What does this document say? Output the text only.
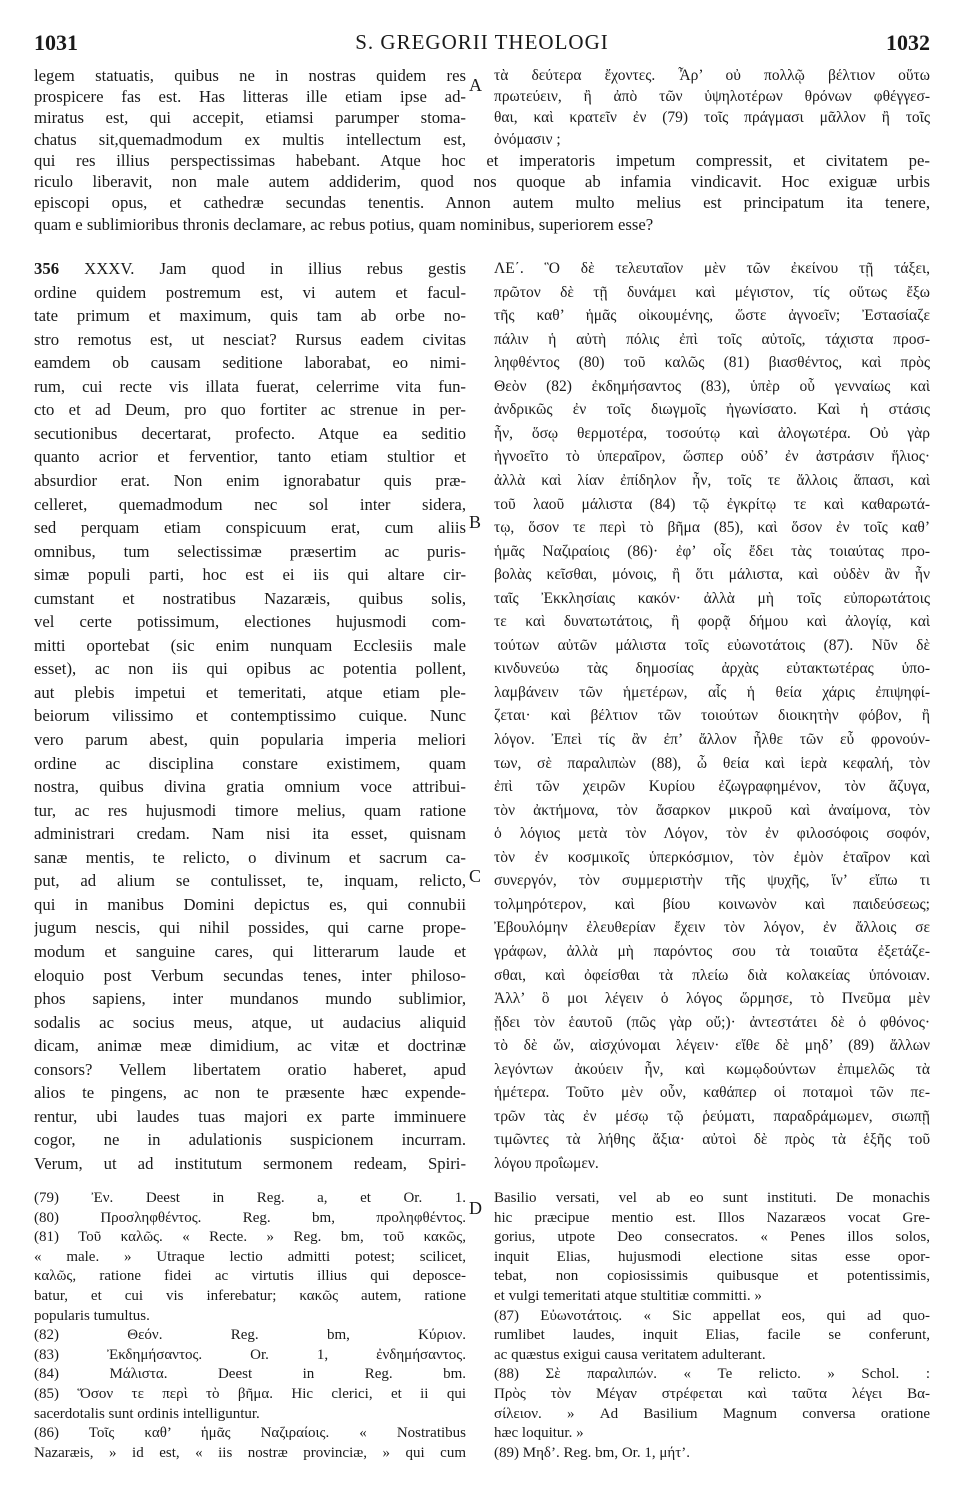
1031	S. GREGORII THEOLOGI	1032
legem statuatis, quibus ne in nostras quidem res
prospicere fas est. Has litteras ille etiam ipse ad-
miratus est, qui accepit, etiamsi parumper stoma-
chatus sit,quemadmodum ex multis intellectum est,
τὰ δεύτερα ἔχοντες. Ἆρ’ οὐ πολλῷ βέλτιον οὕτω
πρωτεύειν, ἢ ἀπὸ τῶν ὑψηλοτέρων θρόνων φθέγγεσ-
θαι, καὶ κρατεῖν ἐν (79) τοῖς πράγμασι μᾶλλον ἢ τοῖς
ὀνόμασιν ;
qui res illius perspectissimas habebant. Atque hoc et imperatoris impetum compressit, et civitatem pe-
riculo liberavit, non male autem addiderim, quod nos quoque ab infamia vindicavit. Hoc exiguæ urbis
episcopi opus, et cathedræ secundas tenentis. Annon autem multo melius est principatum ita tenere,
quam e sublimioribus thronis declamare, ac rebus potius, quam nominibus, superiorem esse?
356 XXXV. Jam quod in illius rebus gestis
ordine quidem postremum est, vi autem et facul-
tate primum et maximum, quis tam ab orbe no-
stro remotus est, ut nesciat? Rursus eadem civitas
eamdem ob causam seditione laborabat, eo nimi-
rum, cui recte vis illata fuerat, celerrime vita fun-
cto et ad Deum, pro quo fortiter ac strenue in per-
secutionibus decertarat, profecto. Atque ea seditio
quanto acrior et ferventior, tanto etiam stultior et
absurdior erat. Non enim ignorabatur quis præ-
celleret, quemadmodum nec sol inter sidera,
sed perquam etiam conspicuum erat, cum aliis
omnibus, tum selectissimæ præsertim ac puris-
simæ populi parti, hoc est ei iis qui altare cir-
cumstant et nostratibus Nazaræis, quibus solis,
vel certe potissimum, electiones hujusmodi com-
mitti oportebat (sic enim nunquam Ecclesiis male
esset), ac non iis qui opibus ac potentia pollent,
aut plebis impetui et temeritati, atque etiam ple-
beiorum vilissimo et contemptissimo cuique. Nunc
vero parum abest, quin popularia imperia meliori
ordine ac disciplina constare existimem, quam
nostra, quibus divina gratia omnium voce attribui-
tur, ac res hujusmodi timore melius, quam ratione
administrari credam. Nam nisi ita esset, quisnam
sanæ mentis, te relicto, o divinum et sacrum ca-
put, ad alium se contulisset, te, inquam, relicto,
qui in manibus Domini depictus es, qui connubii
jugum nescis, qui nihil possides, qui carne prope-
modum et sanguine cares, qui litterarum laude et
eloquio post Verbum secundas tenes, inter philoso-
phos sapiens, inter mundanos mundo sublimior,
sodalis ac socius meus, atque, ut audacius aliquid
dicam, animæ meæ dimidium, ac vitæ et doctrinæ
consors? Vellem libertatem oratio haberet, apud
alios te pingens, ac non te præsente hæc expende-
rentur, ubi laudes tuas majori ex parte imminuere
cogor, ne in adulationis suspicionem incurram.
Verum, ut ad institutum sermonem redeam, Spiri-
ΛΕ΄. Ὃ δὲ τελευταῖον μὲν τῶν ἐκείνου τῇ τάξει,
πρῶτον δὲ τῇ δυνάμει καὶ μέγιστον, τίς οὕτως ἔξω
τῆς καθ’ ἡμᾶς οἰκουμένης, ὥστε ἀγνοεῖν; Ἐστασίαζε
πάλιν ἡ αὐτὴ πόλις ἐπὶ τοῖς αὐτοῖς, τάχιστα προσ-
ληφθέντος (80) τοῦ καλῶς (81) βιασθέντος, καὶ πρὸς
Θεὸν (82) ἐκδημήσαντος (83), ὑπὲρ οὗ γενναίως καὶ
ἀνδρικῶς ἐν τοῖς διωγμοῖς ἠγωνίσατο. Καὶ ἡ στάσις
ἦν, ὅσῳ θερμοτέρα, τοσούτῳ καὶ ἀλογωτέρα. Οὐ γὰρ
ἠγνοεῖτο τὸ ὑπεραῖρον, ὥσπερ οὐδ’ ἐν ἀστράσιν ἥλιος·
ἀλλὰ καὶ λίαν ἐπίδηλον ἦν, τοῖς τε ἄλλοις ἅπασι, καὶ
τοῦ λαοῦ μάλιστα (84) τῷ ἐγκρίτῳ τε καὶ καθαρωτά-
τῳ, ὅσον τε περὶ τὸ βῆμα (85), καὶ ὅσον ἐν τοῖς καθ’
ἡμᾶς Ναζιραίοις (86)· ἐφ’ οἷς ἔδει τὰς τοιαύτας προ-
βολὰς κεῖσθαι, μόνοις, ἢ ὅτι μάλιστα, καὶ οὐδὲν ἂν ἦν
ταῖς Ἐκκλησίαις κακόν· ἀλλὰ μὴ τοῖς εὐπορωτάτοις
τε καὶ δυνατωτάτοις, ἢ φορᾷ δήμου καὶ ἀλογίᾳ, καὶ
τούτων αὐτῶν μάλιστα τοῖς εὐωνοτάτοις (87). Νῦν δὲ
κινδυνεύω τὰς δημοσίας ἀρχὰς εὐτακτωτέρας ὑπο-
λαμβάνειν τῶν ἡμετέρων, αἷς ἡ θεία χάρις ἐπιψηφί-
ζεται· καὶ βέλτιον τῶν τοιούτων διοικητὴν φόβον, ἢ
λόγον. Ἐπεὶ τίς ἂν ἐπ’ ἄλλον ἦλθε τῶν εὖ φρονούν-
των, σὲ παραλιπὼν (88), ὦ θεία καὶ ἱερὰ κεφαλή, τὸν
ἐπὶ τῶν χειρῶν Κυρίου ἐζωγραφημένον, τὸν ἄζυγα,
τὸν ἀκτήμονα, τὸν ἄσαρκον μικροῦ καὶ ἀναίμονα, τὸν
ὁ λόγιος μετὰ τὸν Λόγον, τὸν ἐν φιλοσόφοις σοφόν,
τὸν ἐν κοσμικοῖς ὑπερκόσμιον, τὸν ἐμὸν ἑταῖρον καὶ
συνεργόν, τὸν συμμεριστὴν τῆς ψυχῆς, ἵν’ εἴπω τι
τολμηρότερον, καὶ βίου κοινωνὸν καὶ παιδεύσεως;
Ἐβουλόμην ἐλευθερίαν ἔχειν τὸν λόγον, ἐν ἄλλοις σε
γράφων, ἀλλὰ μὴ παρόντος σου τὰ τοιαῦτα ἐξετάζε-
σθαι, καὶ ὀφείσθαι τὰ πλείω διὰ κολακείας ὑπόνοιαν.
Ἀλλ’ ὃ μοι λέγειν ὁ λόγος ὥρμησε, τὸ Πνεῦμα μὲν
ᾔδει τὸν ἑαυτοῦ (πῶς γὰρ οὔ;)· ἀντεστάτει δὲ ὁ φθόνος·
τὸ δὲ ὤν, αἰσχύνομαι λέγειν· εἴθε δὲ μηδ’ (89) ἄλλων
λεγόντων ἀκούειν ἦν, καὶ κωμῳδούντων ἐπιμελῶς τὰ
ἡμέτερα. Τοῦτο μὲν οὖν, καθάπερ οἱ ποταμοὶ τῶν πε-
τρῶν τὰς ἐν μέσῳ τῷ ῥεύματι, παραδράμωμεν, σιωπῇ
τιμῶντες τὰ λήθης ἄξια· αὐτοὶ δὲ πρὸς τὰ ἑξῆς τοῦ
λόγου προΐωμεν.
(79) Ἐν. Deest in Reg. a, et Or. 1.
(80) Προσληφθέντος. Reg. bm, προληφθέντος.
(81) Τοῦ καλῶς. « Recte. » Reg. bm, τοῦ κακῶς,
« male. » Utraque lectio admitti potest; scilicet,
καλῶς, ratione fidei ac virtutis illius qui deposce-
batur, et cui vis inferebatur; κακῶς autem, ratione
popularis tumultus.
(82) Θεόν. Reg. bm, Κύριον.
(83) Ἐκδημήσαντος. Or. 1, ἐνδημήσαντος.
(84) Μάλιστα. Deest in Reg. bm.
(85) Ὅσον τε περὶ τὸ βῆμα. Hic clerici, et ii qui
sacerdotalis sunt ordinis intelliguntur.
(86) Τοῖς καθ’ ἡμᾶς Ναζιραίοις. « Nostratibus
Nazaræis, » id est, « iis nostræ provinciæ, » qui cum
Basilio versati, vel ab eo sunt instituti. De monachis
hic præcipue mentio est. Illos Nazaræos vocat Gre-
gorius, utpote Deo consecratos. « Penes illos solos,
inquit Elias, hujusmodi electione sitas esse opor-
tebat, non copiosissimis quibusque et potentissimis,
et vulgi temeritati atque stultitiæ committi. »
(87) Εὐωνοτάτοις. « Sic appellat eos, qui ad quo-
rumlibet laudes, inquit Elias, facile se conferunt,
ac quæstus exigui causa veritatem adulterant.
(88) Σὲ παραλιπών. « Te relicto. » Schol. :
Πρὸς τὸν Μέγαν στρέφεται καὶ ταῦτα λέγει Βα-
σίλειον. » Ad Basilium Magnum conversa oratione
hæc loquitur. »
(89) Μηδ’. Reg. bm, Or. 1, μήτ’.
A
B
C
D
